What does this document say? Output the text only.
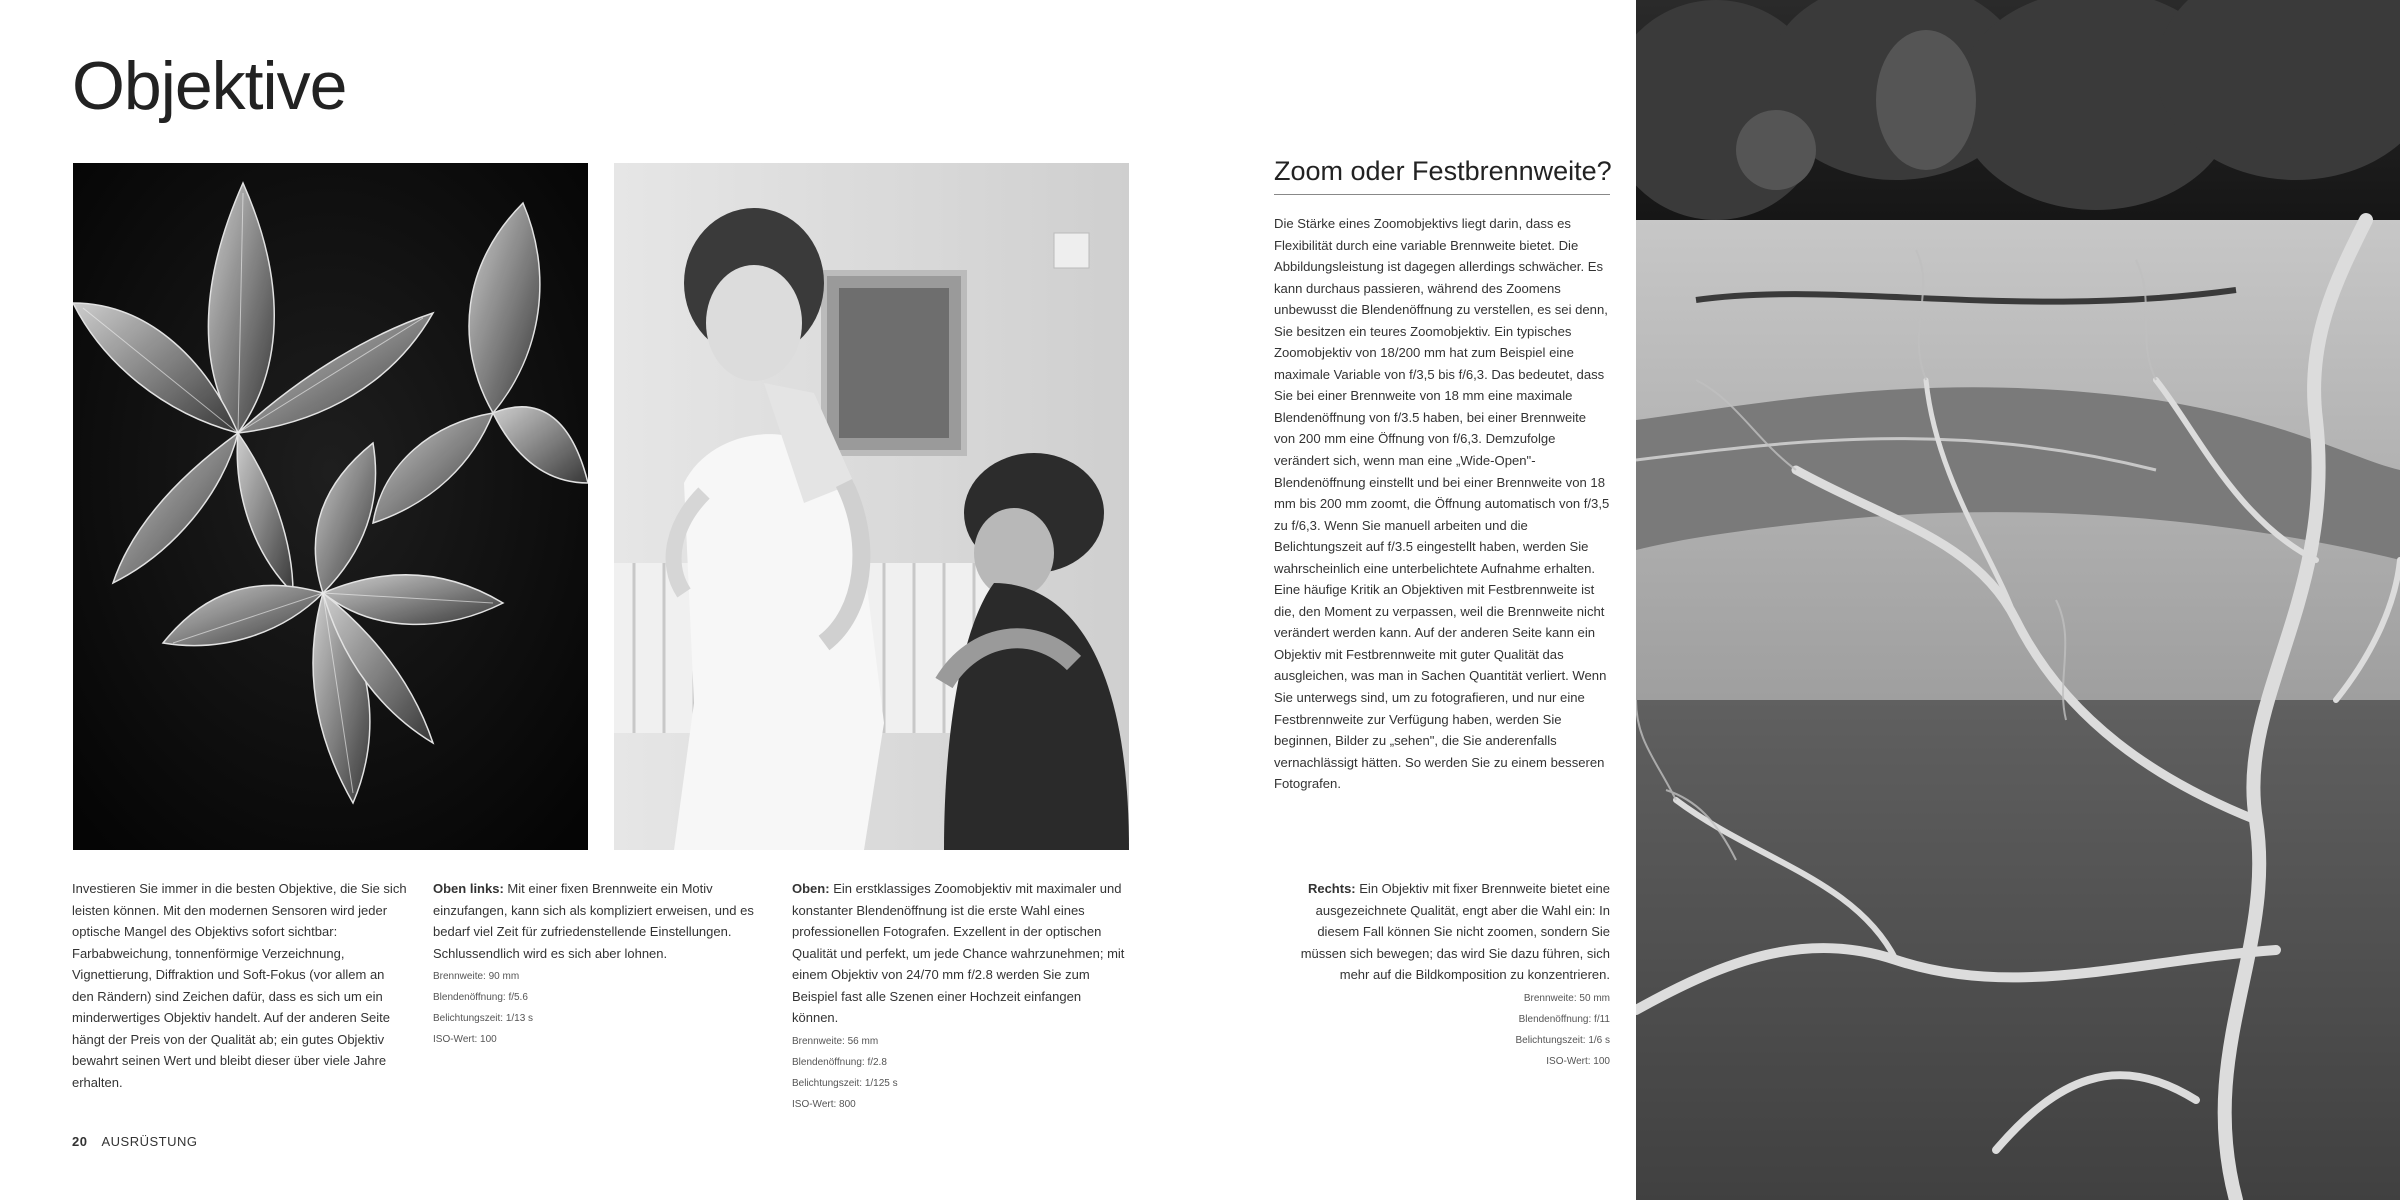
Objektive

Investieren Sie immer in die besten Objektive, die Sie sich leisten können. Mit den modernen Sensoren wird jeder optische Mangel des Objektivs sofort sichtbar: Farbabweichung, tonnenförmige Verzeichnung, Vignettierung, Diffraktion und Soft-Fokus (vor allem an den Rändern) sind Zeichen dafür, dass es sich um ein minderwertiges Objektiv handelt. Auf der anderen Seite hängt der Preis von der Qualität ab; ein gutes Objektiv bewahrt seinen Wert und bleibt dieser über viele Jahre erhalten.

Oben links: Mit einer fixen Brennweite ein Motiv einzufangen, kann sich als kompliziert erweisen, und es bedarf viel Zeit für zufriedenstellende Einstellungen. Schlussendlich wird es sich aber lohnen.

Brennweite: 90 mm
Blendenöffnung: f/5.6
Belichtungszeit: 1/13 s
ISO-Wert: 100

Oben: Ein erstklassiges Zoomobjektiv mit maximaler und konstanter Blendenöffnung ist die erste Wahl eines professionellen Fotografen. Exzellent in der optischen Qualität und perfekt, um jede Chance wahrzunehmen; mit einem Objektiv von 24/70 mm f/2.8 werden Sie zum Beispiel fast alle Szenen einer Hochzeit einfangen können.

Brennweite: 56 mm
Blendenöffnung: f/2.8
Belichtungszeit: 1/125 s
ISO-Wert: 800
Zoom oder Festbrennweite?
Die Stärke eines Zoomobjektivs liegt darin, dass es Flexibilität durch eine variable Brennweite bietet. Die Abbildungsleistung ist dagegen allerdings schwächer. Es kann durchaus passieren, während des Zoomens unbewusst die Blendenöffnung zu verstellen, es sei denn, Sie besitzen ein teures Zoomobjektiv. Ein typisches Zoomobjektiv von 18/200 mm hat zum Beispiel eine maximale Variable von f/3,5 bis f/6,3. Das bedeutet, dass Sie bei einer Brennweite von 18 mm eine maximale Blendenöffnung von f/3.5 haben, bei einer Brennweite von 200 mm eine Öffnung von f/6,3. Demzufolge verändert sich, wenn man eine „Wide-Open"-Blendenöffnung einstellt und bei einer Brennweite von 18 mm bis 200 mm zoomt, die Öffnung automatisch von f/3,5 zu f/6,3. Wenn Sie manuell arbeiten und die Belichtungszeit auf f/3.5 eingestellt haben, werden Sie wahrscheinlich eine unterbelichtete Aufnahme erhalten. Eine häufige Kritik an Objektiven mit Festbrennweite ist die, den Moment zu verpassen, weil die Brennweite nicht verändert werden kann. Auf der anderen Seite kann ein Objektiv mit Festbrennweite mit guter Qualität das ausgleichen, was man in Sachen Quantität verliert. Wenn Sie unterwegs sind, um zu fotografieren, und nur eine Festbrennweite zur Verfügung haben, werden Sie beginnen, Bilder zu „sehen", die Sie anderenfalls vernachlässigt hätten. So werden Sie zu einem besseren Fotografen.

Rechts: Ein Objektiv mit fixer Brennweite bietet eine ausgezeichnete Qualität, engt aber die Wahl ein: In diesem Fall können Sie nicht zoomen, sondern Sie müssen sich bewegen; das wird Sie dazu führen, sich mehr auf die Bildkomposition zu konzentrieren.

Brennweite: 50 mm
Blendenöffnung: f/11
Belichtungszeit: 1/6 s
ISO-Wert: 100
20 AUSRÜSTUNG
